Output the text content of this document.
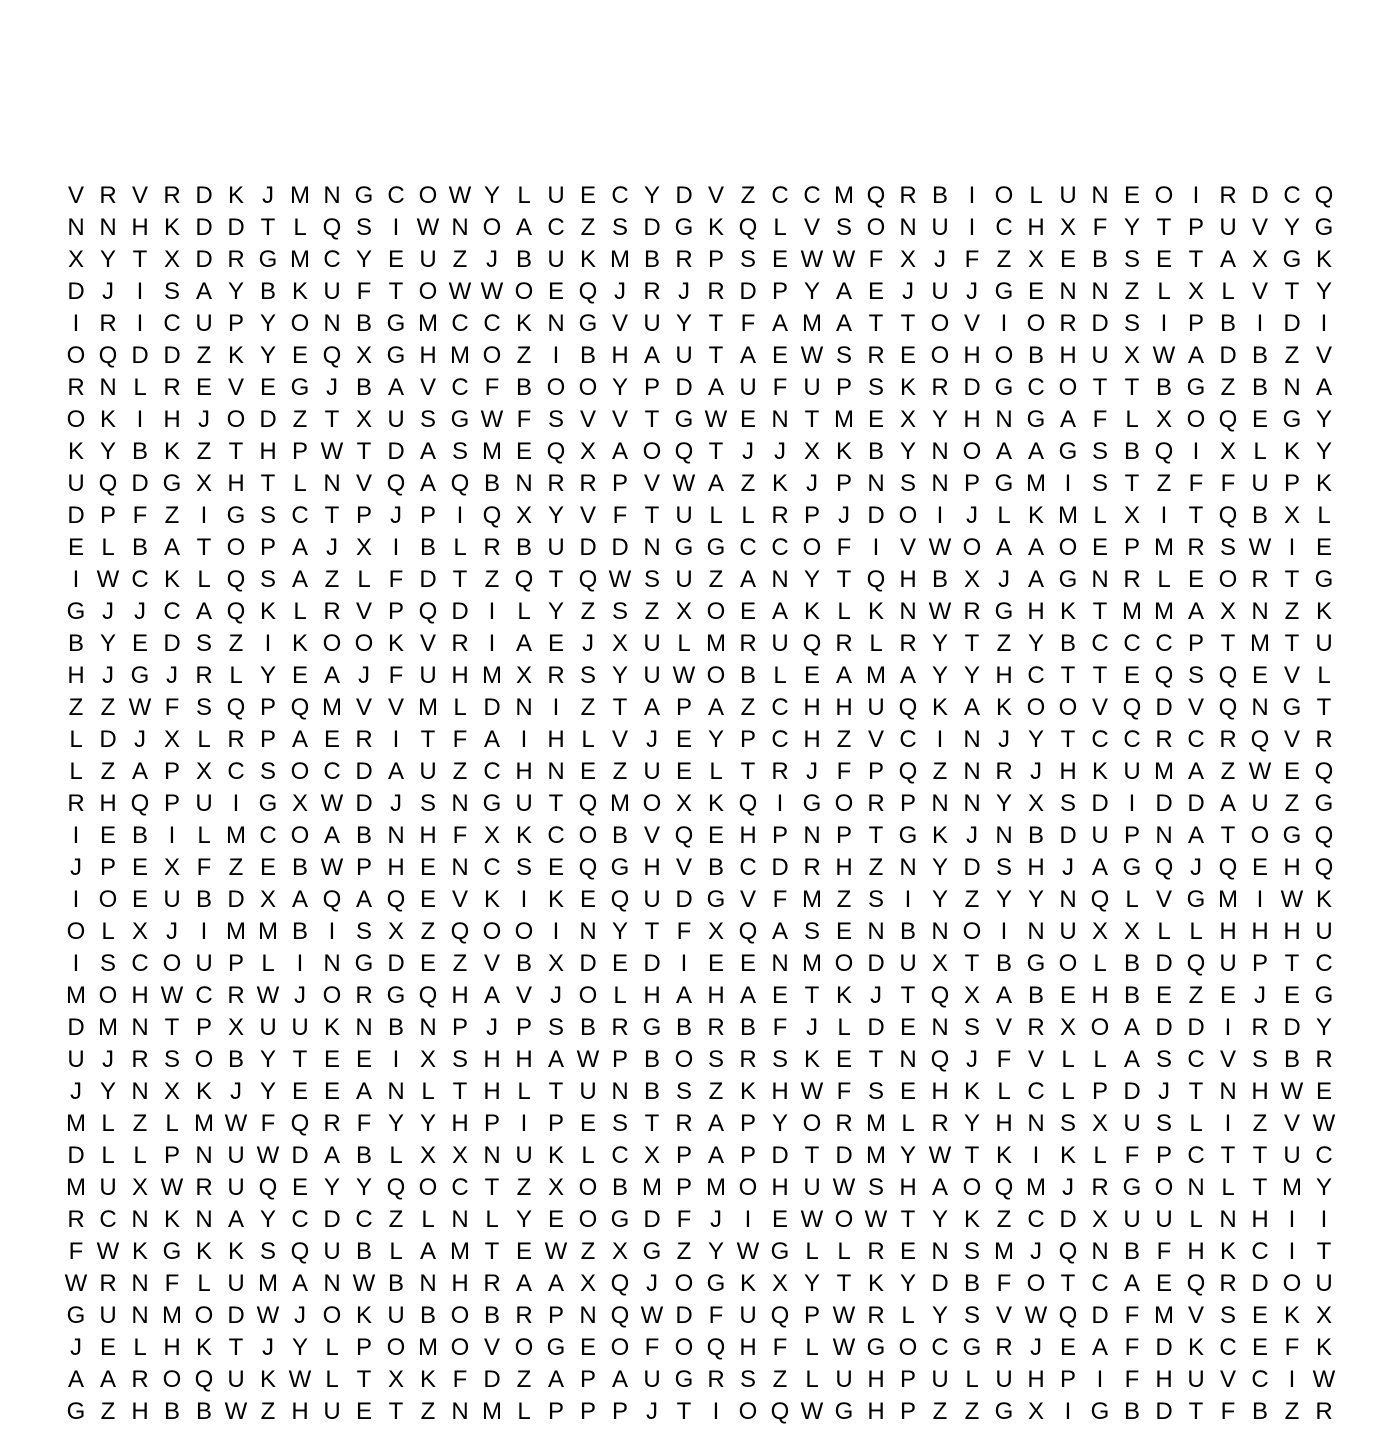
V R V R D K J M N G C O W Y L U E C Y D V Z C C M Q R B I O L U N E O I R D C Q
N N H K D D T L Q S I W N O A C Z S D G K Q L V S O N U I C H X F Y T P U V Y G
X Y T X D R G M C Y E U Z J B U K M B R P S E W W F X J F Z X E B S E T A X G K
D J I S A Y B K U F T O W W O E Q J R J R D P Y A E J U J G E N N Z L X L V T Y
I R I C U P Y O N B G M C C K N G V U Y T F A M A T T O V I O R D S I P B I D I
O Q D D Z K Y E Q X G H M O Z I B H A U T A E W S R E O H O B H U X W A D B Z V
R N L R E V E G J B A V C F B O O Y P D A U F U P S K R D G C O T T B G Z B N A
O K I H J O D Z T X U S G W F S V V T G W E N T M E X Y H N G A F L X O Q E G Y
K Y B K Z T H P W T D A S M E Q X A O Q T J J X K B Y N O A A G S B Q I X L K Y
U Q D G X H T L N V Q A Q B N R R P V W A Z K J P N S N P G M I S T Z F F U P K
D P F Z I G S C T P J P I Q X Y V F T U L L R P J D O I J L K M L X I T Q B X L
E L B A T O P A J X I B L R B U D D N G G C C O F I V W O A A O E P M R S W I E
I W C K L Q S A Z L F D T Z Q T Q W S U Z A N Y T Q H B X J A G N R L E O R T G
G J J C A Q K L R V P Q D I L Y Z S Z X O E A K L K N W R G H K T M M A X N Z K
B Y E D S Z I K O O K V R I A E J X U L M R U Q R L R Y T Z Y B C C C P T M T U
H J G J R L Y E A J F U H M X R S Y U W O B L E A M A Y Y H C T T E Q S Q E V L
Z Z W F S Q P Q M V V M L D N I Z T A P A Z C H H U Q K A K O O V Q D V Q N G T
L D J X L R P A E R I T F A I H L V J E Y P C H Z V C I N J Y T C C R C R Q V R
L Z A P X C S O C D A U Z C H N E Z U E L T R J F P Q Z N R J H K U M A Z W E Q
R H Q P U I G X W D J S N G U T Q M O X K Q I G O R P N N Y X S D I D D A U Z G
I E B I L M C O A B N H F X K C O B V Q E H P N P T G K J N B D U P N A T O G Q
J P E X F Z E B W P H E N C S E Q G H V B C D R H Z N Y D S H J A G Q J Q E H Q
I O E U B D X A Q A Q E V K I K E Q U D G V F M Z S I Y Z Y Y N Q L V G M I W K
O L X J I M M B I S X Z Q O O I N Y T F X Q A S E N B N O I N U X X L L H H H U
I S C O U P L I N G D E Z V B X D E D I E E N M O D U X T B G O L B D Q U P T C
M O H W C R W J O R G Q H A V J O L H A H A E T K J T Q X A B E H B E Z E J E G
D M N T P X U U K N B N P J P S B R G B R B F J L D E N S V R X O A D D I R D Y
U J R S O B Y T E E I X S H H A W P B O S R S K E T N Q J F V L L A S C V S B R
J Y N X K J Y E E A N L T H L T U N B S Z K H W F S E H K L C L P D J T N H W E
M L Z L M W F Q R F Y Y H P I P E S T R A P Y O R M L R Y H N S X U S L I Z V W
D L L P N U W D A B L X X N U K L C X P A P D T D M Y W T K I K L F P C T T U C
M U X W R U Q E Y Y Q O C T Z X O B M P M O H U W S H A O Q M J R G O N L T M Y
R C N K N A Y C D C Z L N L Y E O G D F J I E W O W T Y K Z C D X U U L N H I	I
F W K G K K S Q U B L A M T E W Z X G Z Y W G L L R E N S M J Q N B F H K C I T
W R N F L U M A N W B N H R A A X Q J O G K X Y T K Y D B F O T C A E Q R D O U
G U N M O D W J O K U B O B R P N Q W D F U Q P W R L Y S V W Q D F M V S E K X
J E L H K T J Y L P O M O V O G E O F O Q H F L W G O C G R J E A F D K C E F K
A A R O Q U K W L T X K F D Z A P A U G R S Z L U H P U L U H P I F H U V C I W
G Z H B B W Z H U E T Z N M L P P P J T I O Q W G H P Z Z G X I G B D T F B Z R
